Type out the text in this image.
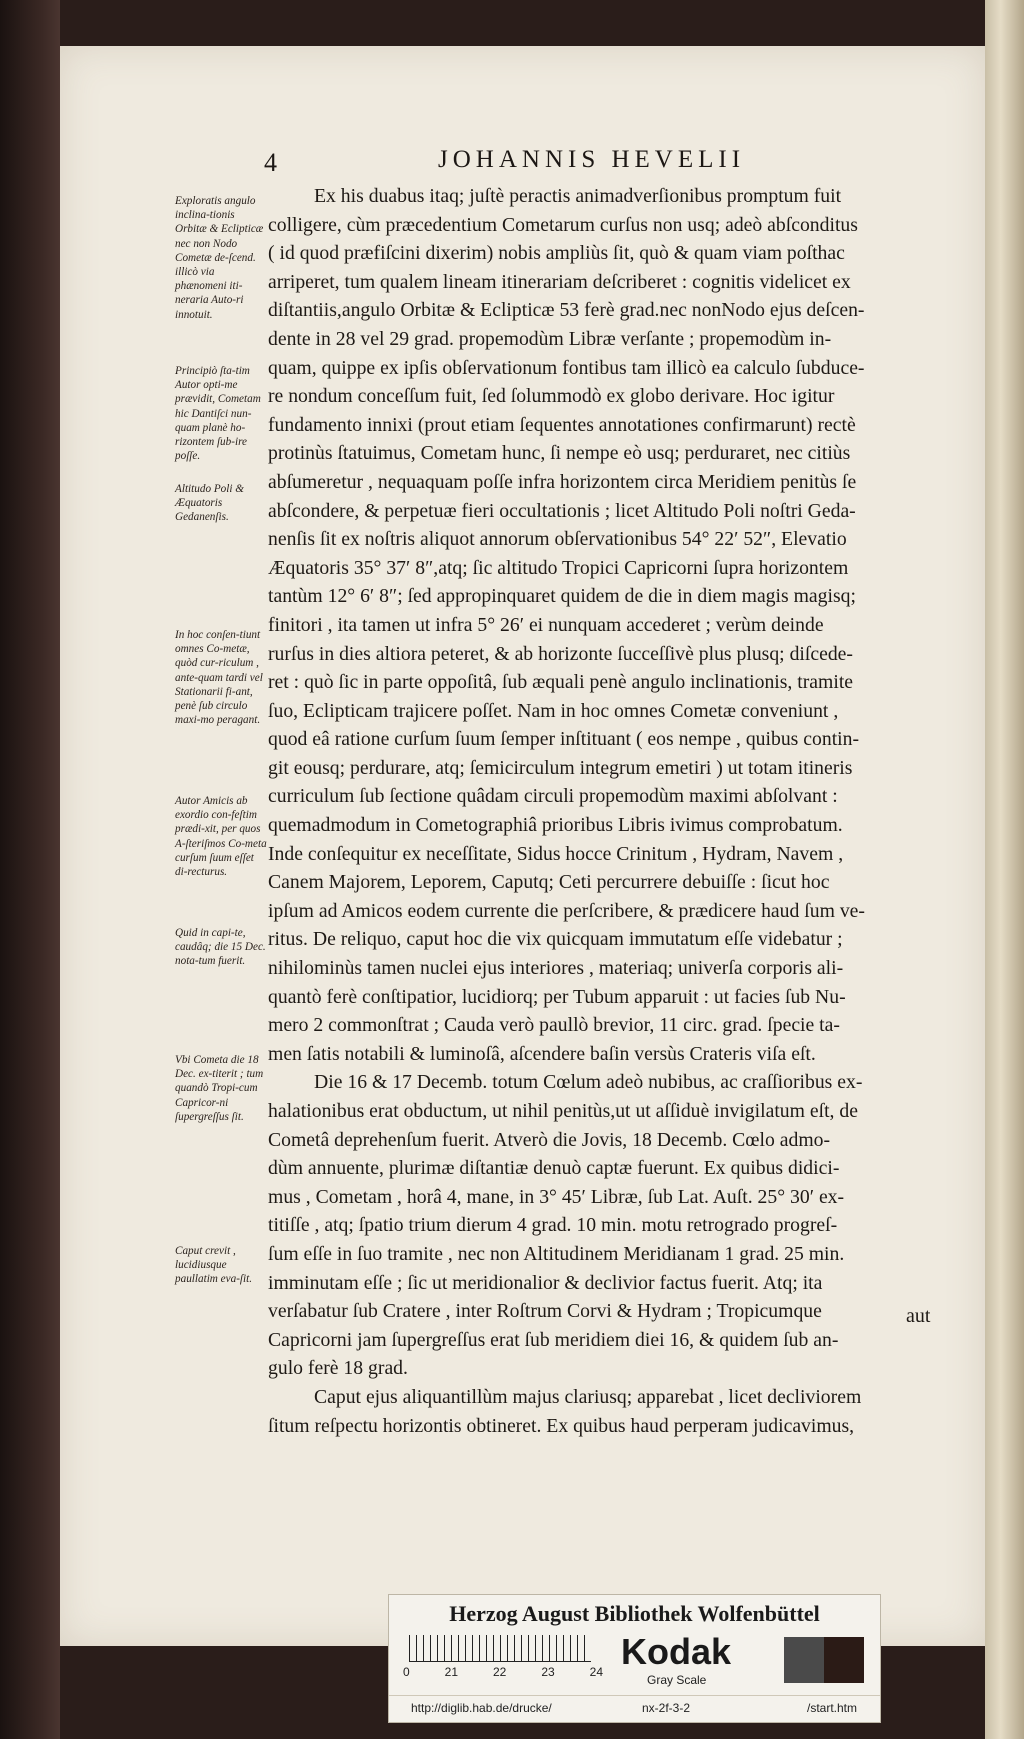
4	JOHANNIS HEVELII

Ex his duabus itaq; juſtè peractis animadverſionibus promptum fuit

colligere, cùm præcedentium Cometarum curſus non usq; adeò abſconditus

( id quod præfiſcini dixerim) nobis ampliùs ſit, quò & quam viam poſthac

arriperet, tum qualem lineam itinerariam deſcriberet : cognitis videlicet ex

diſtantiis,angulo Orbitæ & Eclipticæ 53 ferè grad.nec nonNodo ejus deſcen-

dente in 28 vel 29 grad. propemodùm Libræ verſante ; propemodùm in-

quam, quippe ex ipſis obſervationum fontibus tam illicò ea calculo ſubduce-

re nondum conceſſum fuit, ſed ſolummodò ex globo derivare. Hoc igitur

fundamento innixi (prout etiam ſequentes annotationes confirmarunt) rectè

protinùs ſtatuimus, Cometam hunc, ſi nempe eò usq; perduraret, nec citiùs

abſumeretur , nequaquam poſſe infra horizontem circa Meridiem penitùs ſe

abſcondere, & perpetuæ fieri occultationis ; licet Altitudo Poli noſtri Geda-

nenſis ſit ex noſtris aliquot annorum obſervationibus 54° 22′ 52″, Elevatio

Æquatoris 35° 37′ 8″,atq; ſic altitudo Tropici Capricorni ſupra horizontem

tantùm 12° 6′ 8″; ſed appropinquaret quidem de die in diem magis magisq;

finitori , ita tamen ut infra 5° 26′ ei nunquam accederet ; verùm deinde

rurſus in dies altiora peteret, & ab horizonte ſucceſſivè plus plusq; diſcede-

ret : quò ſic in parte oppoſitâ, ſub æquali penè angulo inclinationis, tramite

ſuo, Eclipticam trajicere poſſet. Nam in hoc omnes Cometæ conveniunt ,

quod eâ ratione curſum ſuum ſemper inſtituant ( eos nempe , quibus contin-

git eousq; perdurare, atq; ſemicirculum integrum emetiri ) ut totam itineris

curriculum ſub ſectione quâdam circuli propemodùm maximi abſolvant :

quemadmodum in Cometographiâ prioribus Libris ivimus comprobatum.

Inde conſequitur ex neceſſitate, Sidus hocce Crinitum , Hydram, Navem ,

Canem Majorem, Leporem, Caputq; Ceti percurrere debuiſſe : ſicut hoc

ipſum ad Amicos eodem currente die perſcribere, & prædicere haud ſum ve-

ritus. De reliquo, caput hoc die vix quicquam immutatum eſſe videbatur ;

nihilominùs tamen nuclei ejus interiores , materiaq; univerſa corporis ali-

quantò ferè conſtipatior, lucidiorq; per Tubum apparuit : ut facies ſub Nu-

mero 2 commonſtrat ; Cauda verò paullò brevior, 11 circ. grad. ſpecie ta-

men ſatis notabili & luminoſâ, aſcendere baſin versùs Crateris viſa eſt.

Die 16 & 17 Decemb. totum Cœlum adeò nubibus, ac craſſioribus ex-

halationibus erat obductum, ut nihil penitùs,ut ut aſſiduè invigilatum eſt, de

Cometâ deprehenſum fuerit. Atverò die Jovis, 18 Decemb. Cœlo admo-

dùm annuente, plurimæ diſtantiæ denuò captæ fuerunt. Ex quibus didici-

mus , Cometam , horâ 4, mane, in 3° 45′ Libræ, ſub Lat. Auſt. 25° 30′ ex-

titiſſe , atq; ſpatio trium dierum 4 grad. 10 min. motu retrogrado progreſ-

ſum eſſe in ſuo tramite , nec non Altitudinem Meridianam 1 grad. 25 min.

imminutam eſſe ; ſic ut meridionalior & declivior factus fuerit. Atq; ita

verſabatur ſub Cratere , inter Roſtrum Corvi & Hydram ; Tropicumque

Capricorni jam ſupergreſſus erat ſub meridiem diei 16, & quidem ſub an-

gulo ferè 18 grad.

Caput ejus aliquantillùm majus clariusq; apparebat , licet decliviorem

ſitum reſpectu horizontis obtineret. Ex quibus haud perperam judicavimus,

aut
Exploratis angulo inclina-tionis Orbitæ & Eclipticæ nec non Nodo Cometæ de-ſcend. illicò via phænomeni iti-neraria Auto-ri innotuit.
Principiò ſta-tim Autor opti-me prævidit, Cometam hic Dantiſci nun-quam planè ho-rizontem ſub-ire poſſe.
Altitudo Poli & Æquatoris Gedanenſis.
In hoc conſen-tiunt omnes Co-metæ, quòd cur-riculum , ante-quam tardi vel Stationarii fi-ant, penè ſub circulo maxi-mo peragant.
Autor Amicis ab exordio con-feſtim prædi-xit, per quos A-ſteriſmos Co-meta curſum ſuum eſſet di-recturus.
Quid in capi-te, caudâq; die 15 Dec. nota-tum fuerit.
Vbi Cometa die 18 Dec. ex-titerit ; tum quandò Tropi-cum Capricor-ni ſupergreſſus ſit.
Caput crevit , lucidiusque paullatim eva-ſit.
Herzog August Bibliothek Wolfenbüttel
0	21	22	23	24 Kodak
Gray Scale
http://diglib.hab.de/drucke/	nx-2f-3-2	/start.htm
